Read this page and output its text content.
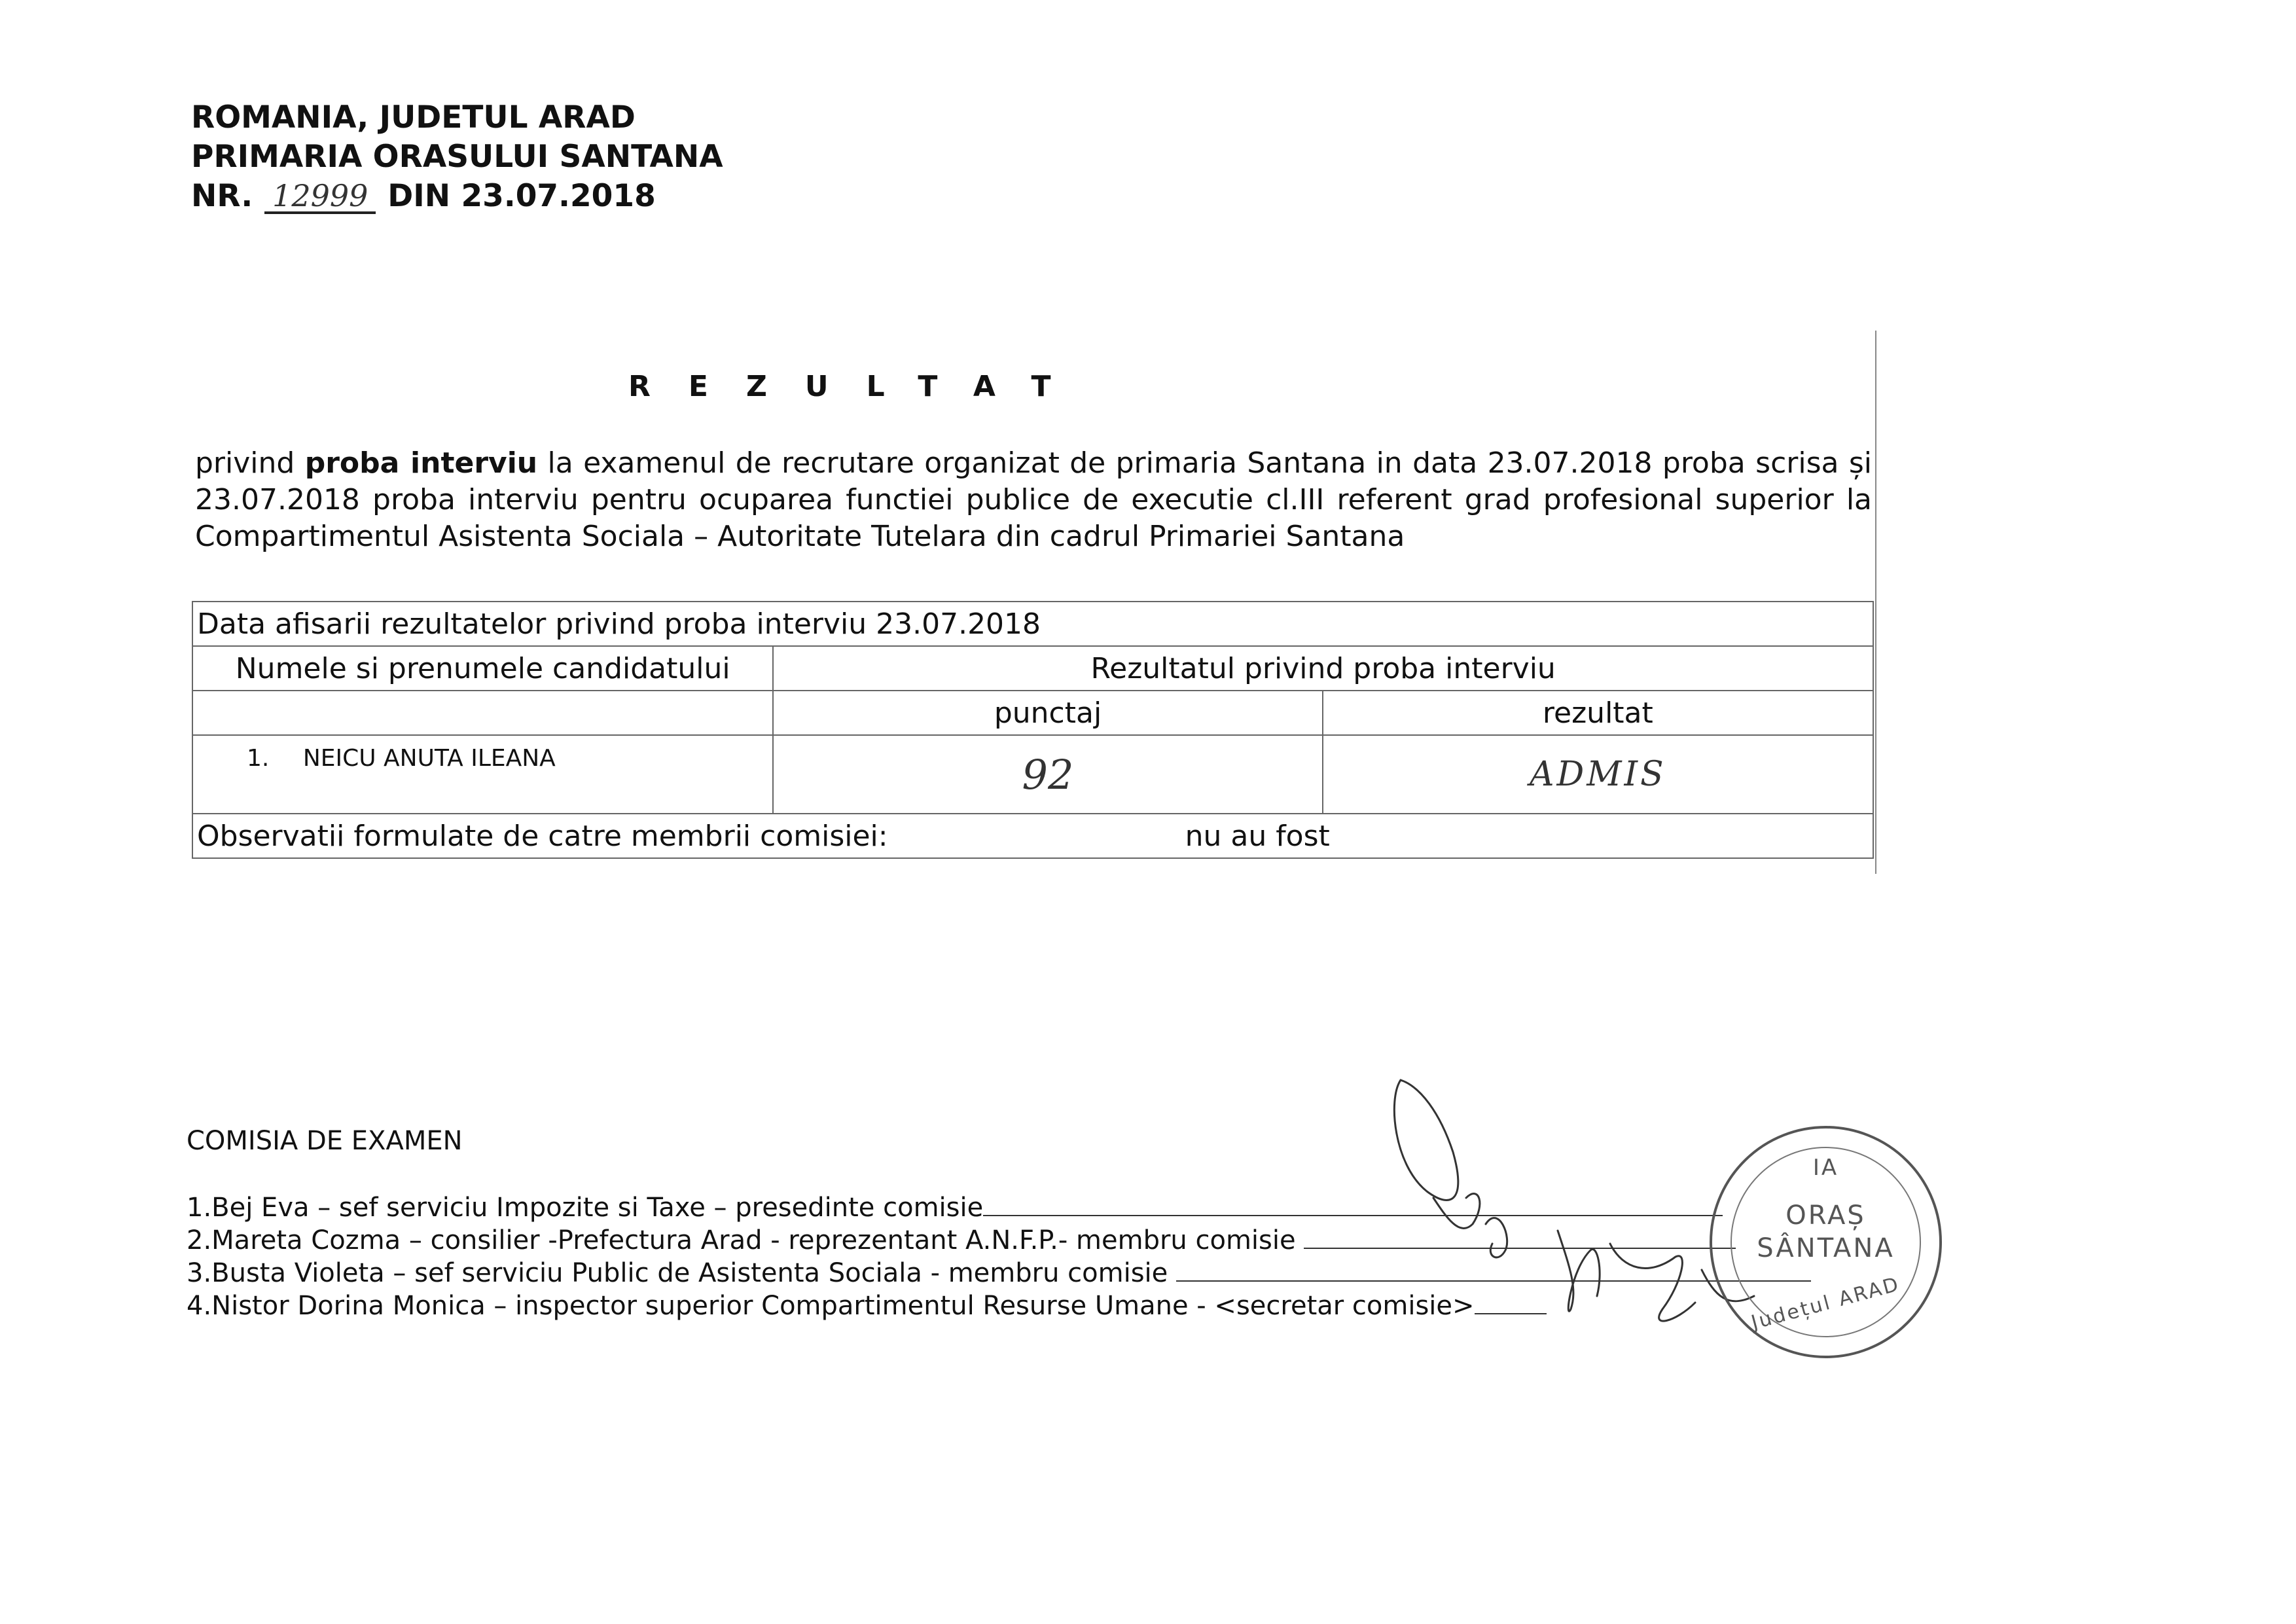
ROMANIA, JUDETUL ARAD
PRIMARIA ORASULUI SANTANA
NR. 12999 DIN 23.07.2018
REZULTAT
privind proba interviu la examenul de recrutare organizat de primaria Santana in data 23.07.2018 proba scrisa și 23.07.2018 proba interviu pentru ocuparea functiei publice de executie cl.III referent grad profesional superior la Compartimentul Asistenta Sociala – Autoritate Tutelara din cadrul Primariei Santana
Data afisarii rezultatelor privind proba interviu 23.07.2018		
Numele si prenumele candidatului	Rezultatul privind proba interviu	
	punctaj	rezultat
1. NEICU ANUTA ILEANA	92	ADMIS

Observatii formulate de catre membrii comisiei: nu au fost		
COMISIA DE EXAMEN
1.Bej Eva – sef serviciu Impozite si Taxe – presedinte comisie
2.Mareta Cozma – consilier -Prefectura Arad - reprezentant A.N.F.P.- membru comisie
3.Busta Violeta – sef serviciu Public de Asistenta Sociala - membru comisie
4.Nistor Dorina Monica – inspector superior Compartimentul Resurse Umane - <secretar comisie>
IA
ORAȘ
SÂNTANA
Județul ARAD
